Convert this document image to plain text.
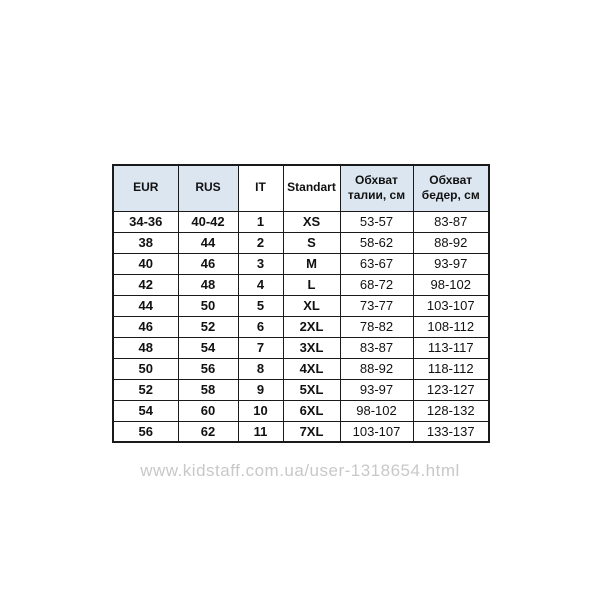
EUR	RUS	IT	Standart	Обхват талии, см	Обхват бедер, см
34-36	40-42	1	XS	53-57	83-87
38	44	2	S	58-62	88-92
40	46	3	M	63-67	93-97
42	48	4	L	68-72	98-102
44	50	5	XL	73-77	103-107
46	52	6	2XL	78-82	108-112
48	54	7	3XL	83-87	113-117
50	56	8	4XL	88-92	118-112
52	58	9	5XL	93-97	123-127
54	60	10	6XL	98-102	128-132
56	62	11	7XL	103-107	133-137
www.kidstaff.com.ua/user-1318654.html
